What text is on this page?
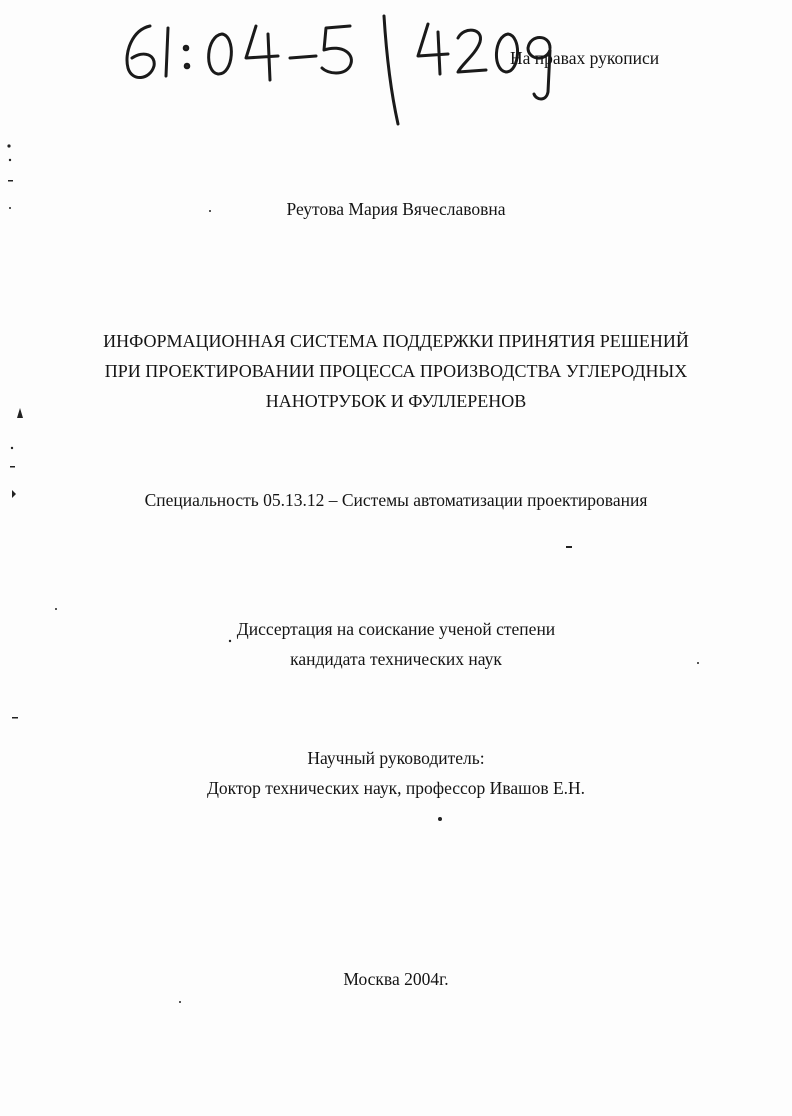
На правах рукописи
Реутова Мария Вячеславовна
ИНФОРМАЦИОННАЯ СИСТЕМА ПОДДЕРЖКИ ПРИНЯТИЯ РЕШЕНИЙ
ПРИ ПРОЕКТИРОВАНИИ ПРОЦЕССА ПРОИЗВОДСТВА УГЛЕРОДНЫХ
НАНОТРУБОК И ФУЛЛЕРЕНОВ
Специальность 05.13.12 – Системы автоматизации проектирования
Диссертация на соискание ученой степени
кандидата технических наук
Научный руководитель:
Доктор технических наук, профессор Ивашов Е.Н.
Москва 2004г.
